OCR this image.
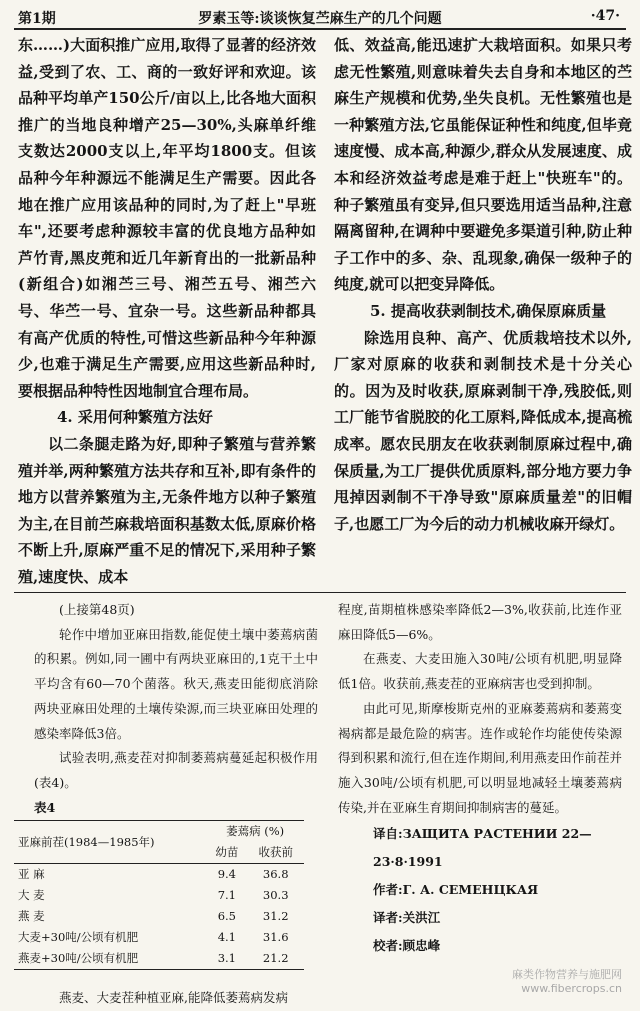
第1期	罗素玉等:谈谈恢复苎麻生产的几个问题	·47·

东……)大面积推广应用,取得了显著的经济效益,受到了农、工、商的一致好评和欢迎。该品种平均单产150公斤/亩以上,比各地大面积推广的当地良种增产25—30%,头麻单纤维支数达2000支以上,年平均1800支。但该品种今年种源远不能满足生产需要。因此各地在推广应用该品种的同时,为了赶上"早班车",还要考虑种源较丰富的优良地方品种如芦竹青,黑皮蔸和近几年新育出的一批新品种(新组合)如湘苎三号、湘苎五号、湘苎六号、华苎一号、宜杂一号。这些新品种都具有高产优质的特性,可惜这些新品种今年种源少,也难于满足生产需要,应用这些新品种时,要根据品种特性因地制宜合理布局。

4. 采用何种繁殖方法好

以二条腿走路为好,即种子繁殖与营养繁殖并举,两种繁殖方法共存和互补,即有条件的地方以营养繁殖为主,无条件地方以种子繁殖为主,在目前苎麻栽培面积基数太低,原麻价格不断上升,原麻严重不足的情况下,采用种子繁殖,速度快、成本

低、效益高,能迅速扩大栽培面积。如果只考虑无性繁殖,则意味着失去自身和本地区的苎麻生产规模和优势,坐失良机。无性繁殖也是一种繁殖方法,它虽能保证种性和纯度,但毕竟速度慢、成本高,种源少,群众从发展速度、成本和经济效益考虑是难于赶上"快班车"的。种子繁殖虽有变异,但只要选用适当品种,注意隔离留种,在调种中要避免多渠道引种,防止种子工作中的多、杂、乱现象,确保一级种子的纯度,就可以把变异降低。

5. 提高收获剥制技术,确保原麻质量

除选用良种、高产、优质栽培技术以外,厂家对原麻的收获和剥制技术是十分关心的。因为及时收获,原麻剥制干净,残胶低,则工厂能节省脱胶的化工原料,降低成本,提高梳成率。愿农民朋友在收获剥制原麻过程中,确保质量,为工厂提供优质原料,部分地方要力争甩掉因剥制不干净导致"原麻质量差"的旧帽子,也愿工厂为今后的动力机械收麻开绿灯。

(上接第48页)

轮作中增加亚麻田指数,能促使土壤中萎蔫病菌的积累。例如,同一圃中有两块亚麻田的,1克干土中平均含有60—70个菌落。秋天,燕麦田能彻底消除两块亚麻田处理的土壤传染源,而三块亚麻田处理的感染率降低3倍。

试验表明,燕麦茬对抑制萎蔫病蔓延起积极作用(表4)。

表4

亚麻前茬(1984—1985年)	萎蔫病 (%)	
	幼苗	收获前
亚 麻	9.4	36.8
大 麦	7.1	30.3
燕 麦	6.5	31.2
大麦+30吨/公顷有机肥	4.1	31.6
燕麦+30吨/公顷有机肥	3.1	21.2

燕麦、大麦茬种植亚麻,能降低萎蔫病发病

程度,苗期植株感染率降低2—3%,收获前,比连作亚麻田降低5—6%。

在燕麦、大麦田施入30吨/公顷有机肥,明显降低1倍。收获前,燕麦茬的亚麻病害也受到抑制。

由此可见,斯摩梭斯克州的亚麻萎蔫病和萎蔫变褐病都是最危险的病害。连作或轮作均能使传染源得到积累和流行,但在连作期间,利用燕麦田作前茬并施入30吨/公顷有机肥,可以明显地减轻土壤萎蔫病传染,并在亚麻生育期间抑制病害的蔓延。

译自:ЗАЩИТА РАСТЕНИИ 22—23·8·1991
作者:Г. А. СЕМЕНЦКАЯ
译者:关洪江
校者:顾忠峰
麻类作物营养与施肥网
www.fibercrops.cn
